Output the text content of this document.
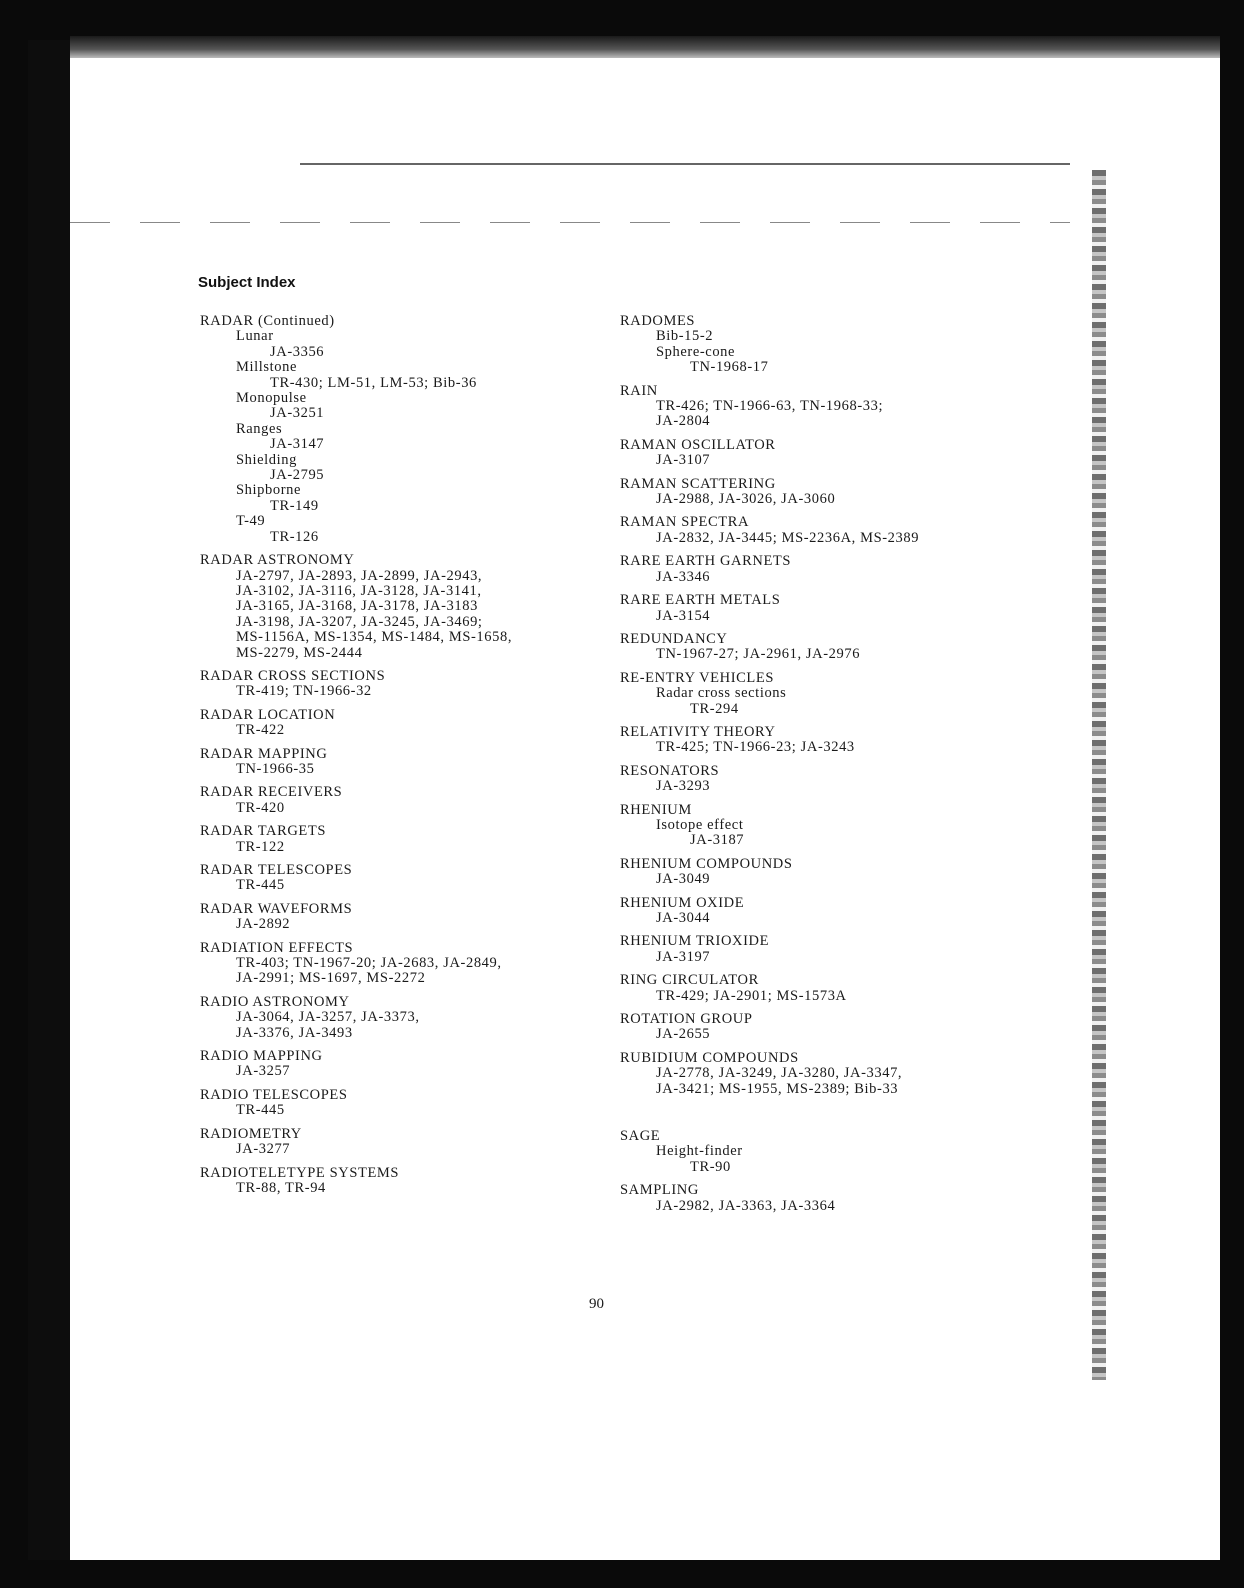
Subject Index
RADAR (Continued)
Lunar
JA-3356
Millstone
TR-430; LM-51, LM-53; Bib-36
Monopulse
JA-3251
Ranges
JA-3147
Shielding
JA-2795
Shipborne
TR-149
T-49
TR-126
RADAR ASTRONOMY
JA-2797, JA-2893, JA-2899, JA-2943,
JA-3102, JA-3116, JA-3128, JA-3141,
JA-3165, JA-3168, JA-3178, JA-3183
JA-3198, JA-3207, JA-3245, JA-3469;
MS-1156A, MS-1354, MS-1484, MS-1658,
MS-2279, MS-2444
RADAR CROSS SECTIONS
TR-419; TN-1966-32
RADAR LOCATION
TR-422
RADAR MAPPING
TN-1966-35
RADAR RECEIVERS
TR-420
RADAR TARGETS
TR-122
RADAR TELESCOPES
TR-445
RADAR WAVEFORMS
JA-2892
RADIATION EFFECTS
TR-403; TN-1967-20; JA-2683, JA-2849,
JA-2991; MS-1697, MS-2272
RADIO ASTRONOMY
JA-3064, JA-3257, JA-3373,
JA-3376, JA-3493
RADIO MAPPING
JA-3257
RADIO TELESCOPES
TR-445
RADIOMETRY
JA-3277
RADIOTELETYPE SYSTEMS
TR-88, TR-94
RADOMES
Bib-15-2
Sphere-cone
TN-1968-17
RAIN
TR-426; TN-1966-63, TN-1968-33;
JA-2804
RAMAN OSCILLATOR
JA-3107
RAMAN SCATTERING
JA-2988, JA-3026, JA-3060
RAMAN SPECTRA
JA-2832, JA-3445; MS-2236A, MS-2389
RARE EARTH GARNETS
JA-3346
RARE EARTH METALS
JA-3154
REDUNDANCY
TN-1967-27; JA-2961, JA-2976
RE-ENTRY VEHICLES
Radar cross sections
TR-294
RELATIVITY THEORY
TR-425; TN-1966-23; JA-3243
RESONATORS
JA-3293
RHENIUM
Isotope effect
JA-3187
RHENIUM COMPOUNDS
JA-3049
RHENIUM OXIDE
JA-3044
RHENIUM TRIOXIDE
JA-3197
RING CIRCULATOR
TR-429; JA-2901; MS-1573A
ROTATION GROUP
JA-2655
RUBIDIUM COMPOUNDS
JA-2778, JA-3249, JA-3280, JA-3347,
JA-3421; MS-1955, MS-2389; Bib-33
SAGE
Height-finder
TR-90
SAMPLING
JA-2982, JA-3363, JA-3364
90
